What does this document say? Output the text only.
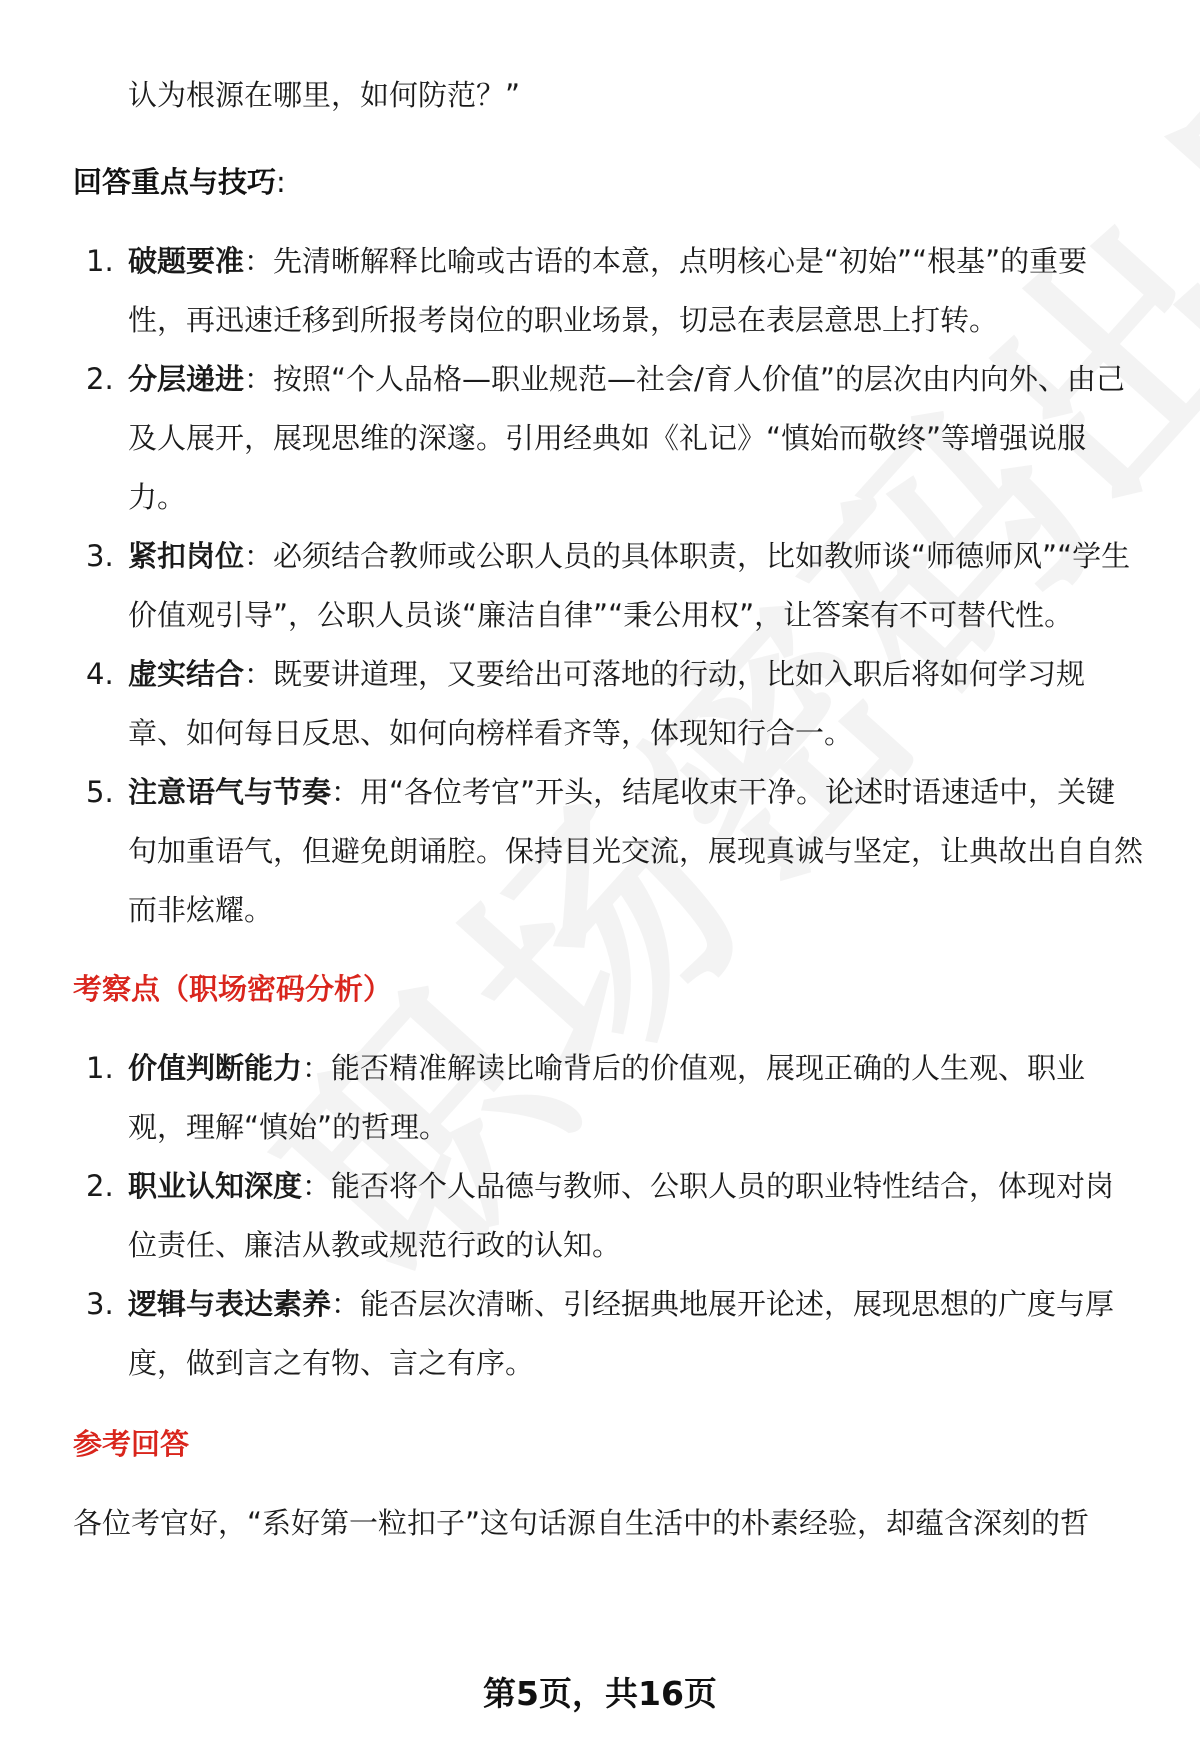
认为根源在哪里，如何防范？”

回答重点与技巧:

1. 破题要准：先清晰解释比喻或古语的本意，点明核心是“初始”“根基”的重要性，再迅速迁移到所报考岗位的职业场景，切忌在表层意思上打转。
2. 分层递进：按照“个人品格—职业规范—社会/育人价值”的层次由内向外、由己及人展开，展现思维的深邃。引用经典如《礼记》“慎始而敬终”等增强说服力。
3. 紧扣岗位：必须结合教师或公职人员的具体职责，比如教师谈“师德师风”“学生价值观引导”，公职人员谈“廉洁自律”“秉公用权”，让答案有不可替代性。
4. 虚实结合：既要讲道理，又要给出可落地的行动，比如入职后将如何学习规章、如何每日反思、如何向榜样看齐等，体现知行合一。
5. 注意语气与节奏：用“各位考官”开头，结尾收束干净。论述时语速适中，关键句加重语气，但避免朗诵腔。保持目光交流，展现真诚与坚定，让典故出自自然而非炫耀。

考察点（职场密码分析）

1. 价值判断能力：能否精准解读比喻背后的价值观，展现正确的人生观、职业观，理解“慎始”的哲理。
2. 职业认知深度：能否将个人品德与教师、公职人员的职业特性结合，体现对岗位责任、廉洁从教或规范行政的认知。
3. 逻辑与表达素养：能否层次清晰、引经据典地展开论述，展现思想的广度与厚度，做到言之有物、言之有序。

参考回答

各位考官好，“系好第一粒扣子”这句话源自生活中的朴素经验，却蕴含深刻的哲

第5页，共16页
